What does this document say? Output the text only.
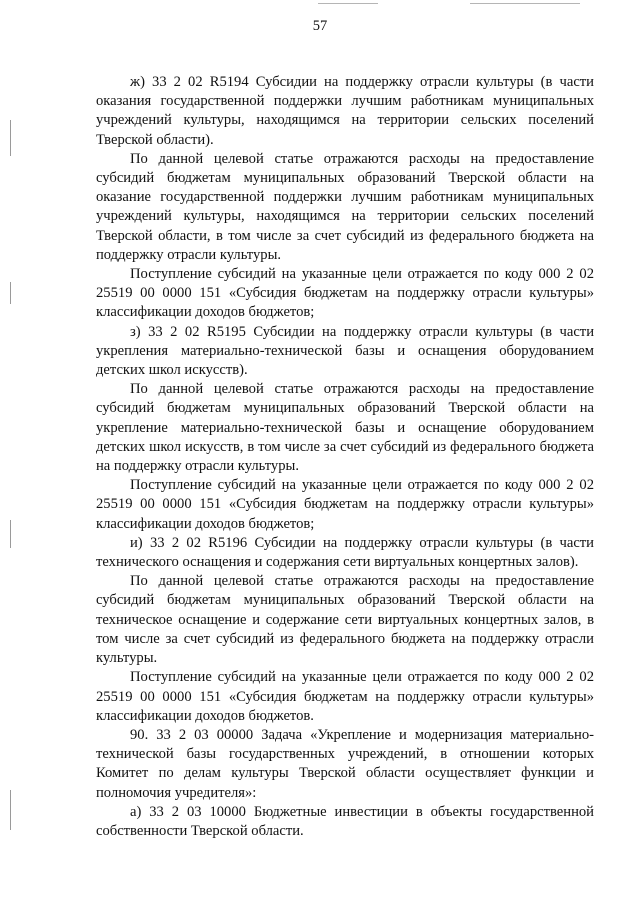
57

ж) 33 2 02 R5194 Субсидии на поддержку отрасли культуры (в части оказания государственной поддержки лучшим работникам муниципальных учреждений культуры, находящимся на территории сельских поселений Тверской области).

По данной целевой статье отражаются расходы на предоставление субсидий бюджетам муниципальных образований Тверской области на оказание государственной поддержки лучшим работникам муниципальных учреждений культуры, находящимся на территории сельских поселений Тверской области, в том числе за счет субсидий из федерального бюджета на поддержку отрасли культуры.

Поступление субсидий на указанные цели отражается по коду 000 2 02 25519 00 0000 151 «Субсидия бюджетам на поддержку отрасли культуры» классификации доходов бюджетов;

з) 33 2 02 R5195 Субсидии на поддержку отрасли культуры (в части укрепления материально-технической базы и оснащения оборудованием детских школ искусств).

По данной целевой статье отражаются расходы на предоставление субсидий бюджетам муниципальных образований Тверской области на укрепление материально-технической базы и оснащение оборудованием детских школ искусств, в том числе за счет субсидий из федерального бюджета на поддержку отрасли культуры.

Поступление субсидий на указанные цели отражается по коду 000 2 02 25519 00 0000 151 «Субсидия бюджетам на поддержку отрасли культуры» классификации доходов бюджетов;

и) 33 2 02 R5196 Субсидии на поддержку отрасли культуры (в части технического оснащения и содержания сети виртуальных концертных залов).

По данной целевой статье отражаются расходы на предоставление субсидий бюджетам муниципальных образований Тверской области на техническое оснащение и содержание сети виртуальных концертных залов, в том числе за счет субсидий из федерального бюджета на поддержку отрасли культуры.

Поступление субсидий на указанные цели отражается по коду 000 2 02 25519 00 0000 151 «Субсидия бюджетам на поддержку отрасли культуры» классификации доходов бюджетов.

90. 33 2 03 00000 Задача «Укрепление и модернизация материально-технической базы государственных учреждений, в отношении которых Комитет по делам культуры Тверской области осуществляет функции и полномочия учредителя»:

а) 33 2 03 10000 Бюджетные инвестиции в объекты государственной собственности Тверской области.
